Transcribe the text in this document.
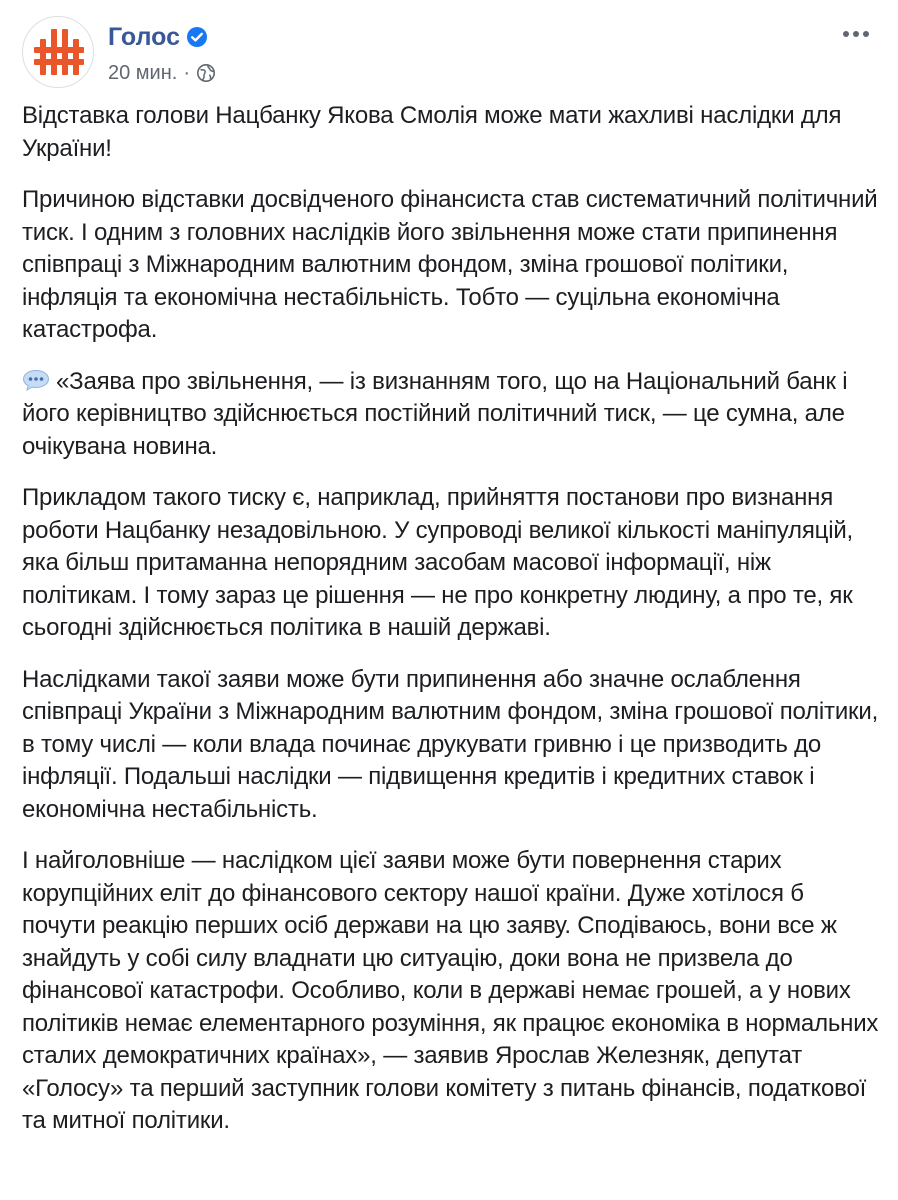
Голос
20 мин. ·

Відставка голови Нацбанку Якова Смолія може мати жахливі наслідки для України!

Причиною відставки досвідченого фінансиста став систематичний політичний тиск. І одним з головних наслідків його звільнення може стати припинення співпраці з Міжнародним валютним фондом, зміна грошової політики, інфляція та економічна нестабільність. Тобто — суцільна економічна катастрофа.

«Заява про звільнення, — із визнанням того, що на Національний банк і його керівництво здійснюється постійний політичний тиск, — це сумна, але очікувана новина.

Прикладом такого тиску є, наприклад, прийняття постанови про визнання роботи Нацбанку незадовільною. У супроводі великої кількості маніпуляцій, яка більш притаманна непорядним засобам масової інформації, ніж політикам. І тому зараз це рішення — не про конкретну людину, а про те, як сьогодні здійснюється політика в нашій державі.

Наслідками такої заяви може бути припинення або значне ослаблення співпраці України з Міжнародним валютним фондом, зміна грошової політики, в тому числі — коли влада починає друкувати гривню і це призводить до інфляції. Подальші наслідки — підвищення кредитів і кредитних ставок і економічна нестабільність.

І найголовніше — наслідком цієї заяви може бути повернення старих корупційних еліт до фінансового сектору нашої країни. Дуже хотілося б почути реакцію перших осіб держави на цю заяву. Сподіваюсь, вони все ж знайдуть у собі силу владнати цю ситуацію, доки вона не призвела до фінансової катастрофи. Особливо, коли в державі немає грошей, а у нових політиків немає елементарного розуміння, як працює економіка в нормальних сталих демократичних країнах», — заявив Ярослав Железняк, депутат «Голосу» та перший заступник голови комітету з питань фінансів, податкової та митної політики.
